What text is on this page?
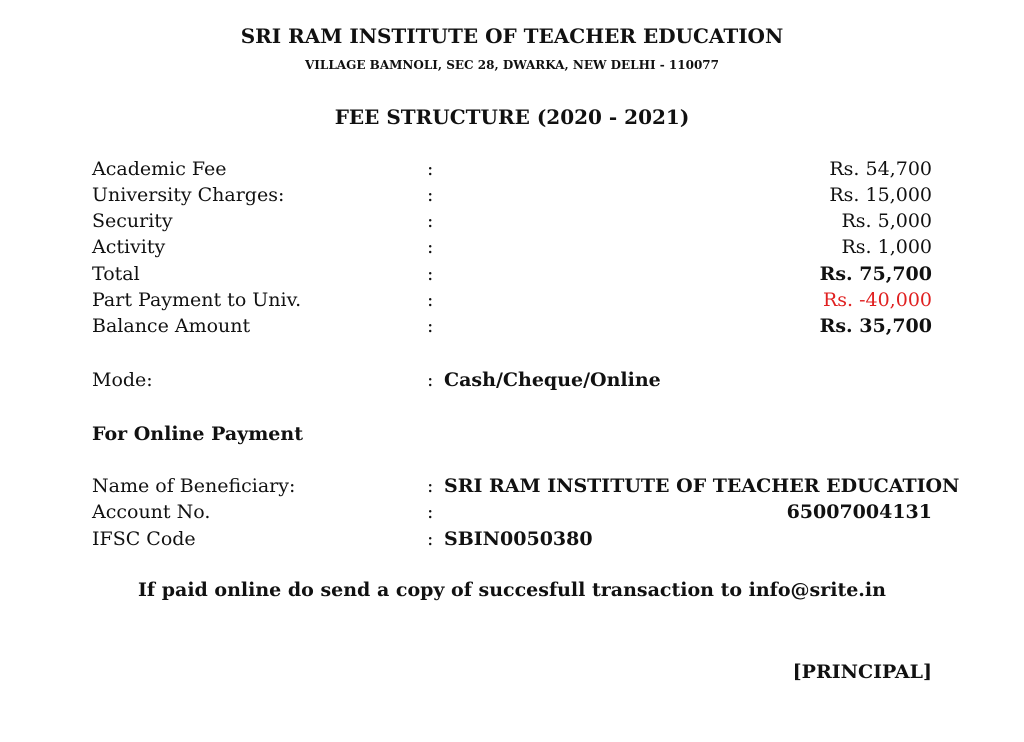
SRI RAM INSTITUTE OF TEACHER EDUCATION
VILLAGE BAMNOLI, SEC 28, DWARKA, NEW DELHI - 110077
FEE STRUCTURE (2020 - 2021)
Academic Fee	:	Rs. 54,700
University Charges:	:	Rs. 15,000
Security	:	Rs. 5,000
Activity	:	Rs. 1,000
Total	:	Rs. 75,700
Part Payment to Univ.	:	Rs. -40,000
Balance Amount	:	Rs. 35,700
Mode:	: Cash/Cheque/Online
For Online Payment
Name of Beneficiary:	: SRI RAM INSTITUTE OF TEACHER EDUCATION
Account No.	:	65007004131
IFSC Code	: SBIN0050380
If paid online do send a copy of succesfull transaction to info@srite.in
[PRINCIPAL]
